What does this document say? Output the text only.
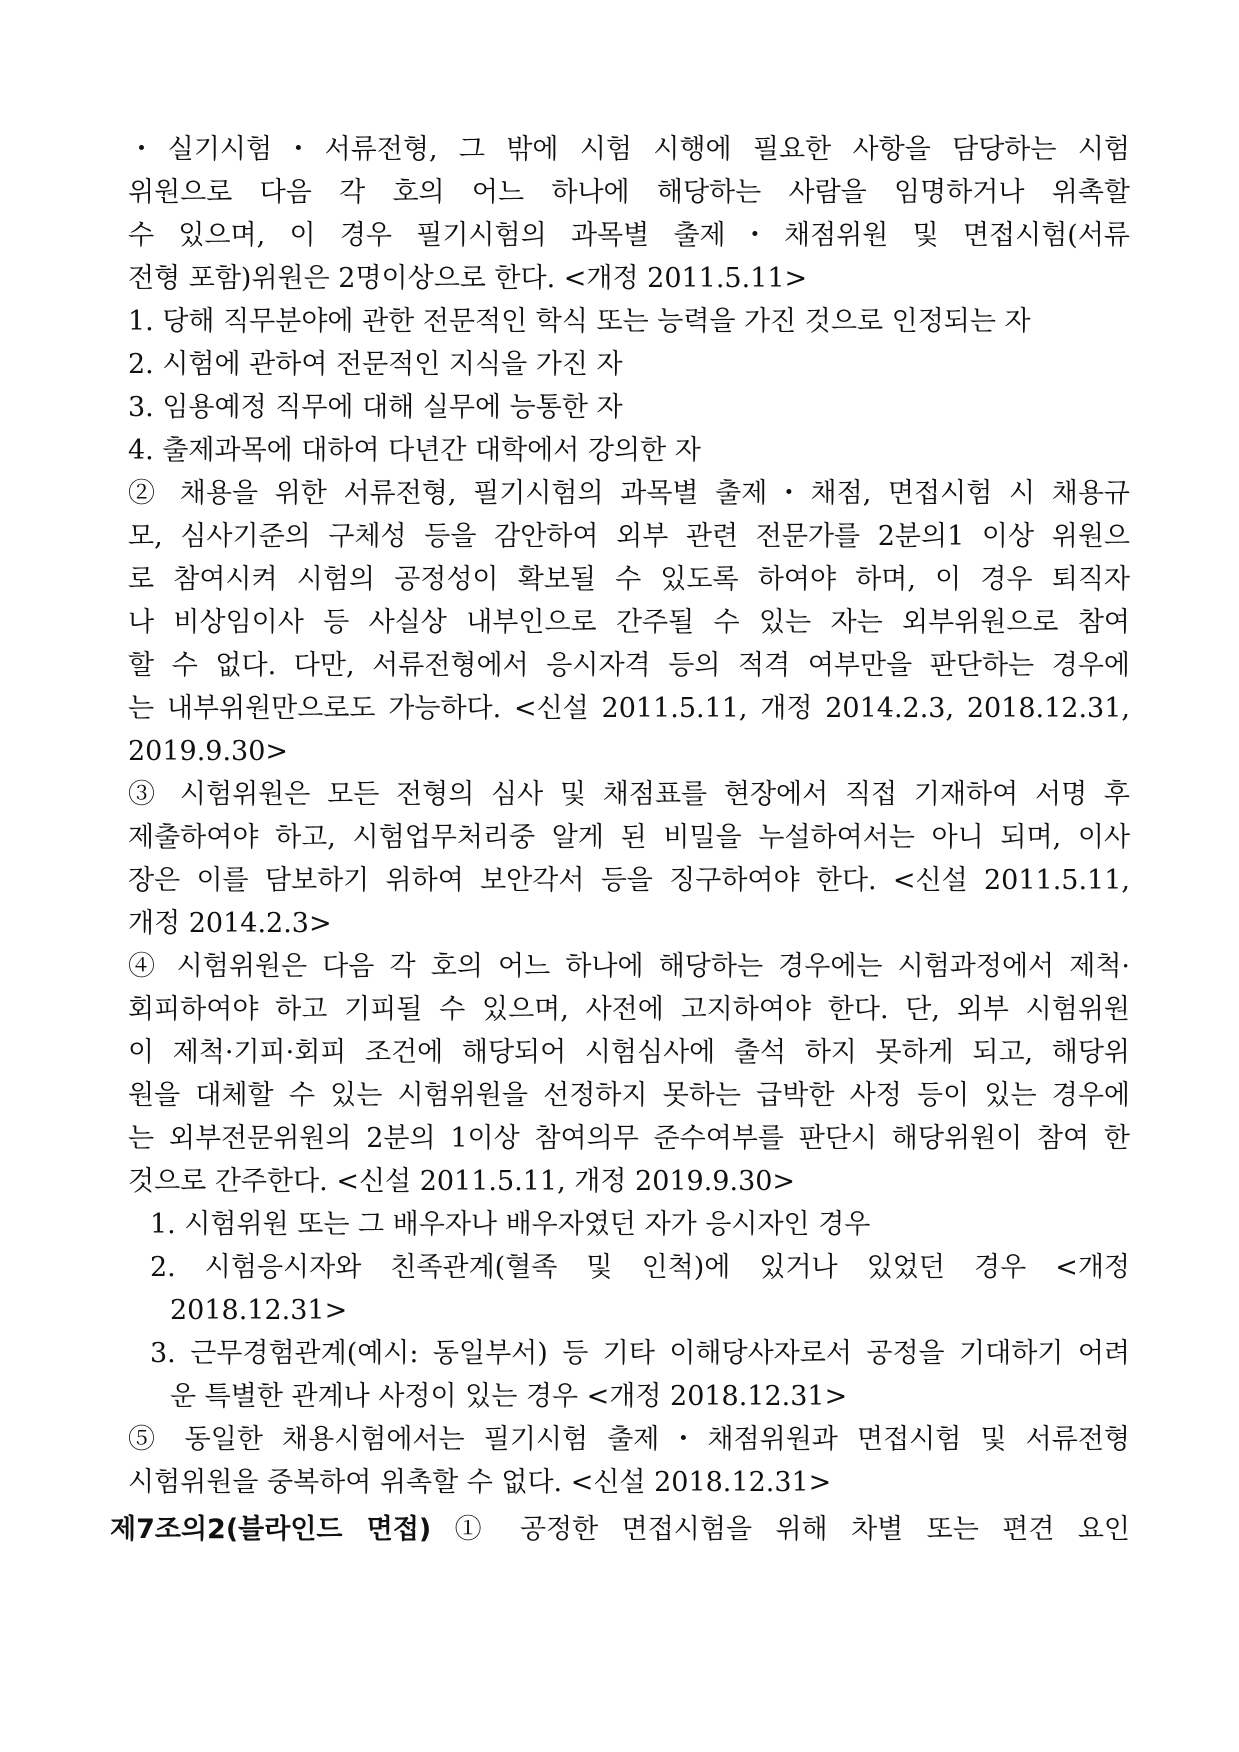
・실기시험・서류전형, 그 밖에 시험 시행에 필요한 사항을 담당하는 시험
위원으로 다음 각 호의 어느 하나에 해당하는 사람을 임명하거나 위촉할
수 있으며, 이 경우 필기시험의 과목별 출제・채점위원 및 면접시험(서류
전형 포함)위원은 2명이상으로 한다. <개정 2011.5.11>
1. 당해 직무분야에 관한 전문적인 학식 또는 능력을 가진 것으로 인정되는 자
2. 시험에 관하여 전문적인 지식을 가진 자
3. 임용예정 직무에 대해 실무에 능통한 자
4. 출제과목에 대하여 다년간 대학에서 강의한 자
② 채용을 위한 서류전형, 필기시험의 과목별 출제・채점, 면접시험 시 채용규
모, 심사기준의 구체성 등을 감안하여 외부 관련 전문가를 2분의1 이상 위원으
로 참여시켜 시험의 공정성이 확보될 수 있도록 하여야 하며, 이 경우 퇴직자
나 비상임이사 등 사실상 내부인으로 간주될 수 있는 자는 외부위원으로 참여
할 수 없다. 다만, 서류전형에서 응시자격 등의 적격 여부만을 판단하는 경우에
는 내부위원만으로도 가능하다. <신설 2011.5.11, 개정 2014.2.3, 2018.12.31,
2019.9.30>
③ 시험위원은 모든 전형의 심사 및 채점표를 현장에서 직접 기재하여 서명 후
제출하여야 하고, 시험업무처리중 알게 된 비밀을 누설하여서는 아니 되며, 이사
장은 이를 담보하기 위하여 보안각서 등을 징구하여야 한다. <신설 2011.5.11,
개정 2014.2.3>
④ 시험위원은 다음 각 호의 어느 하나에 해당하는 경우에는 시험과정에서 제척·
회피하여야 하고 기피될 수 있으며, 사전에 고지하여야 한다. 단, 외부 시험위원
이 제척·기피·회피 조건에 해당되어 시험심사에 출석 하지 못하게 되고, 해당위
원을 대체할 수 있는 시험위원을 선정하지 못하는 급박한 사정 등이 있는 경우에
는 외부전문위원의 2분의 1이상 참여의무 준수여부를 판단시 해당위원이 참여 한
것으로 간주한다. <신설 2011.5.11, 개정 2019.9.30>
1. 시험위원 또는 그 배우자나 배우자였던 자가 응시자인 경우
2. 시험응시자와 친족관계(혈족 및 인척)에 있거나 있었던 경우 <개정
2018.12.31>
3. 근무경험관계(예시: 동일부서) 등 기타 이해당사자로서 공정을 기대하기 어려
운 특별한 관계나 사정이 있는 경우 <개정 2018.12.31>
⑤ 동일한 채용시험에서는 필기시험 출제・채점위원과 면접시험 및 서류전형
시험위원을 중복하여 위촉할 수 없다. <신설 2018.12.31>
제7조의2(블라인드 면접) ① 공정한 면접시험을 위해 차별 또는 편견 요인
